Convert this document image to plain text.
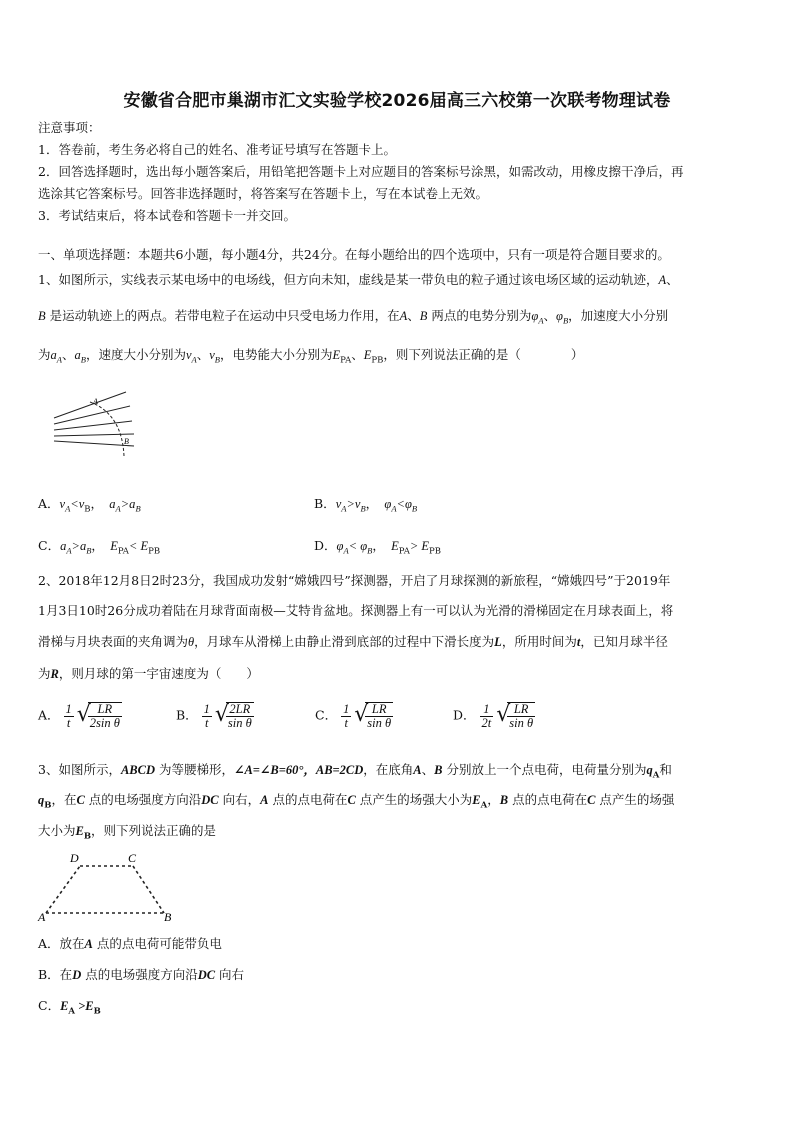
安徽省合肥市巢湖市汇文实验学校2026届高三六校第一次联考物理试卷
注意事项：
1．答卷前，考生务必将自己的姓名、准考证号填写在答题卡上。
2．回答选择题时，选出每小题答案后，用铅笔把答题卡上对应题目的答案标号涂黑，如需改动，用橡皮擦干净后，再
选涂其它答案标号。回答非选择题时，将答案写在答题卡上，写在本试卷上无效。
3．考试结束后，将本试卷和答题卡一并交回。
一、单项选择题：本题共6小题，每小题4分，共24分。在每小题给出的四个选项中，只有一项是符合题目要求的。
1、如图所示，实线表示某电场中的电场线，但方向未知，虚线是某一带负电的粒子通过该电场区域的运动轨迹，A、
B 是运动轨迹上的两点。若带电粒子在运动中只受电场力作用，在A、B 两点的电势分别为$\varphi_A$、$\varphi_B$，加速度大小分别
为$a_A$、$a_B$，速度大小分别为$v_A$、$v_B$，电势能大小分别为$E_{PA}$、$E_{PB}$，则下列说法正确的是（　　　　）
A
B
A．$v_A<v_B$，　$a_A>a_B$	B．$v_A>v_B$，　$\varphi_A<\varphi_B$
C．$a_A>a_B$，　$E_{PA}< E_{PB}$	D．$\varphi_A< \varphi_B$，　$E_{PA}> E_{PB}$
2、2018年12月8日2时23分，我国成功发射“嫦娥四号”探测器，开启了月球探测的新旅程，“嫦娥四号”于2019年
1月3日10时26分成功着陆在月球背面南极—艾特肯盆地。探测器上有一可以认为光滑的滑梯固定在月球表面上，将
滑梯与月块表面的夹角调为θ，月球车从滑梯上由静止滑到底部的过程中下滑长度为L，所用时间为t，已知月球半径
为R，则月球的第一宇宙速度为（　　）
A． $\frac{1}{t}$
√ $\frac{LR}{\text{2sin θ}}$	B． $\frac{1}{t}$
√ $\frac{2LR}{\text{sin θ}}$	C． $\frac{1}{t}$
√ $\frac{LR}{\text{sin θ}}$	D． $\frac{1}{2t}$
√ $\frac{LR}{\text{sin θ}}$
3、如图所示，ABCD 为等腰梯形，∠A=∠B=60°，AB=2CD，在底角A、B 分别放上一个点电荷，电荷量分别为$q_A$和
$q_B$，在C 点的电场强度方向沿DC 向右，A 点的点电荷在C 点产生的场强大小为$E_A$，B 点的点电荷在C 点产生的场强
大小为$E_B$，则下列说法正确的是
D	C
A	B
A．放在A 点的点电荷可能带负电
B．在D 点的电场强度方向沿DC 向右
C．$E_A >E_B$
